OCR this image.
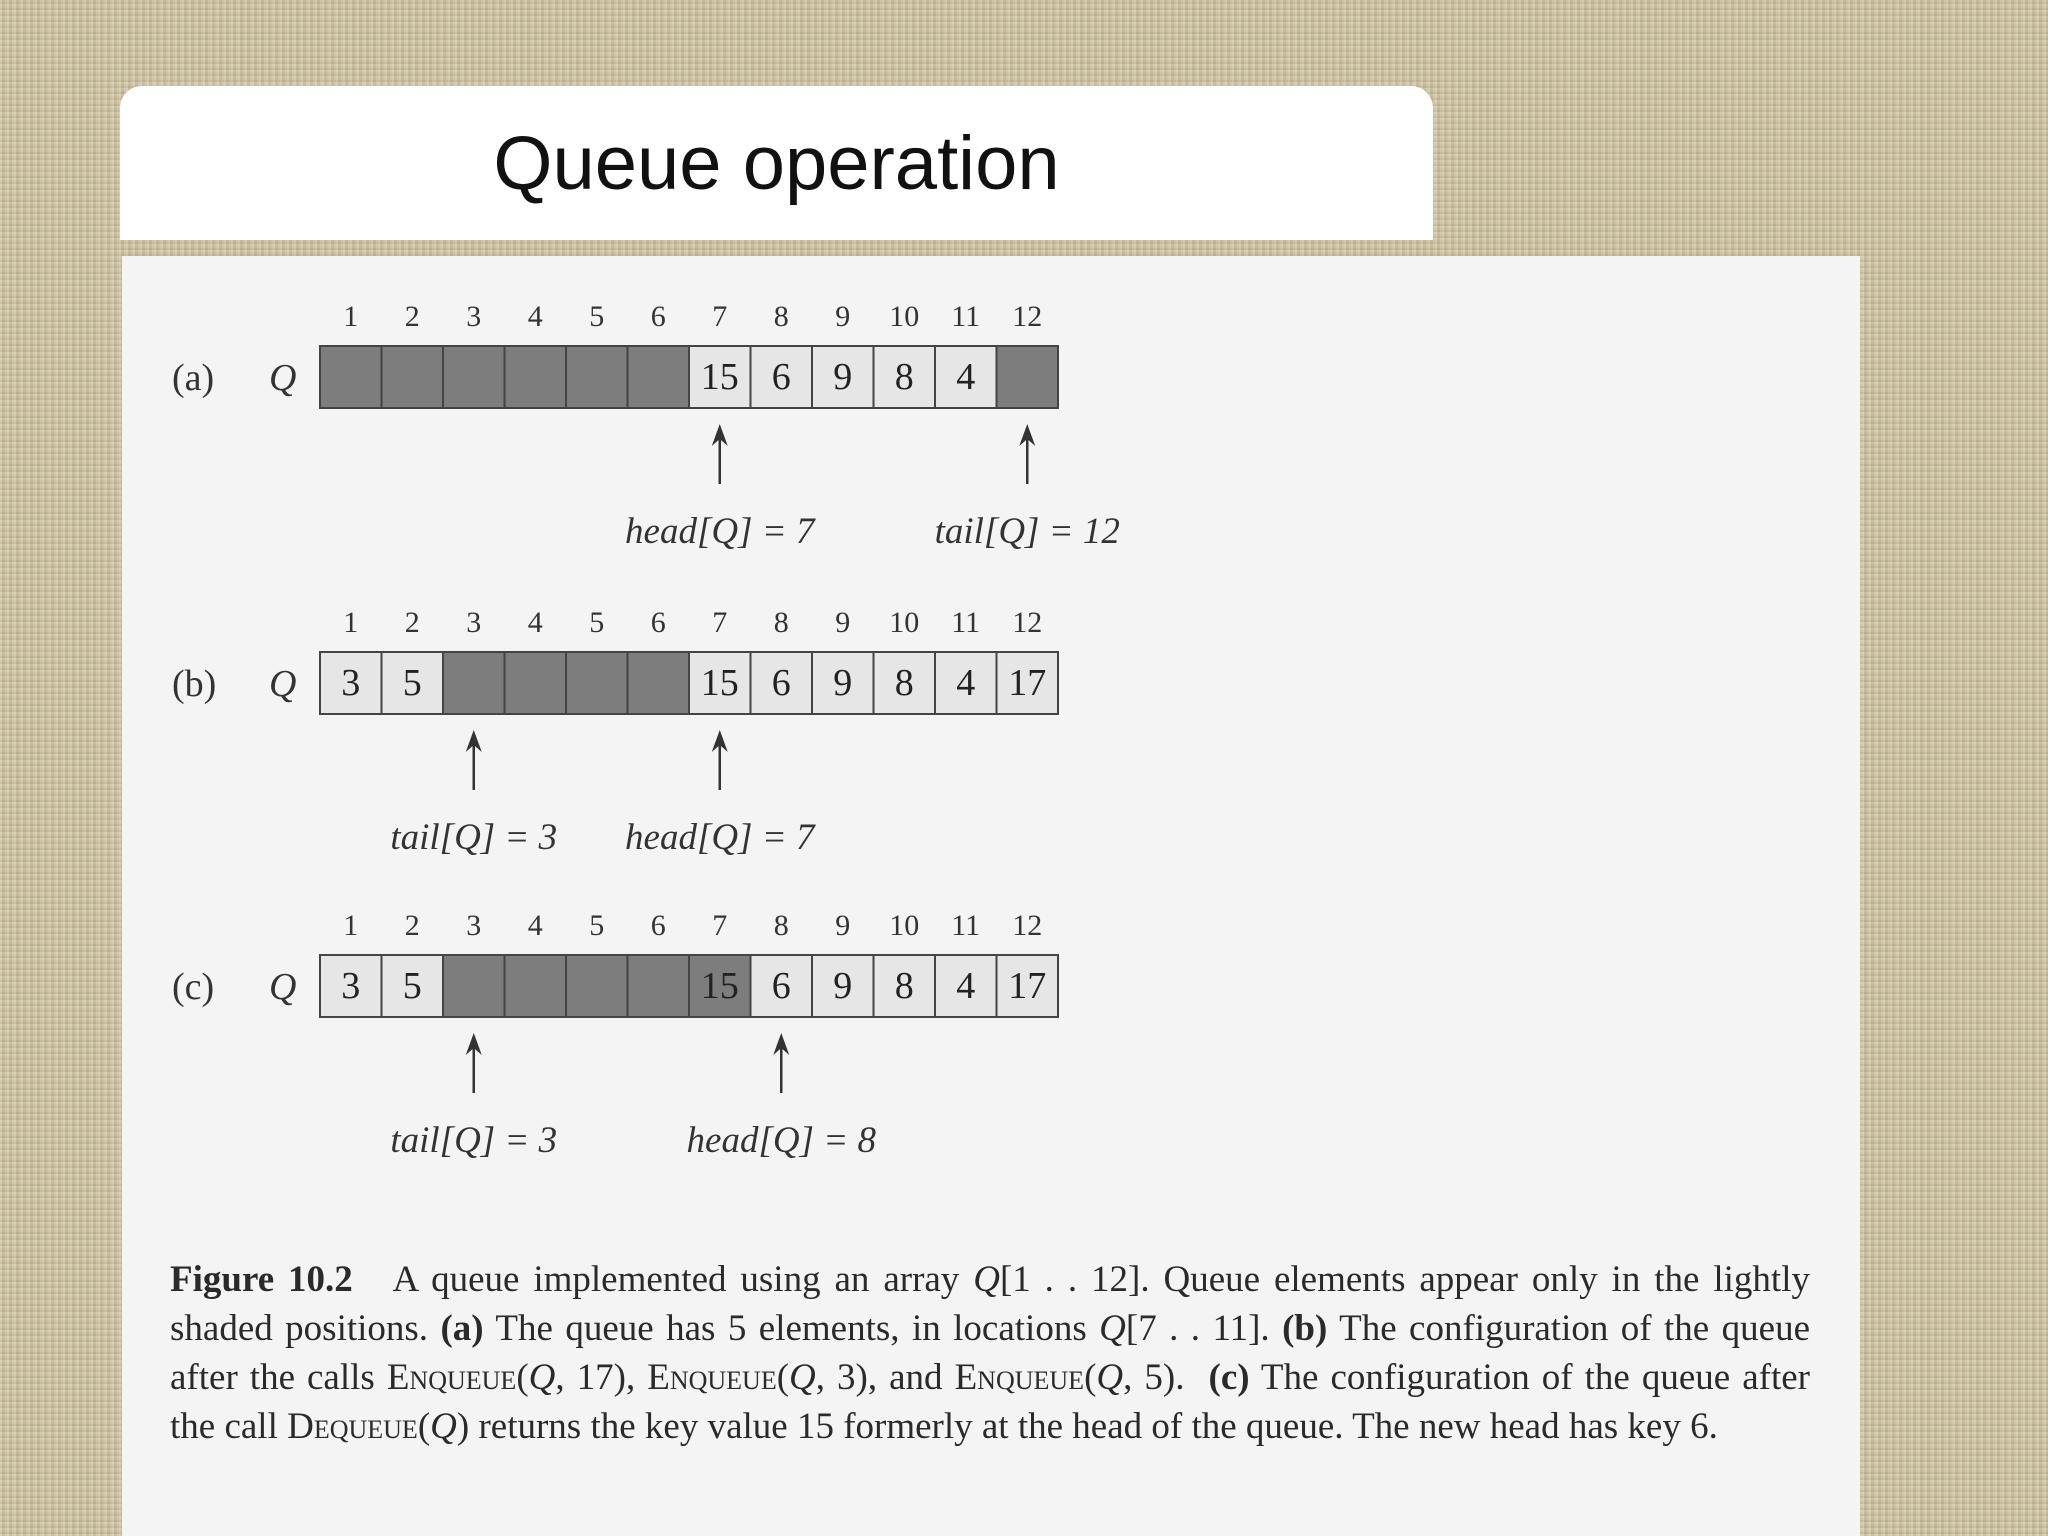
Queue operation
1 2 3 4 5 6 7 8 9 10 11 12
(a) Q	15 6 9 8 4
head[Q] = 7	tail[Q] = 12
1 2 3 4 5 6 7 8 9 10 11 12
(b) Q 3 5	15 6 9 8 4 17
tail[Q] = 3 head[Q] = 7
1 2 3 4 5 6 7 8 9 10 11 12
(c) Q 3 5	15 6 9 8 4 17
tail[Q] = 3	head[Q] = 8
Figure 10.2 A queue implemented using an array Q[1 . . 12]. Queue elements appear only in the lightly shaded positions. (a) The queue has 5 elements, in locations Q[7 . . 11]. (b) The configuration of the queue after the calls Enqueue(Q, 17), Enqueue(Q, 3), and Enqueue(Q, 5).  (c) The configuration of the queue after the call Dequeue(Q) returns the key value 15 formerly at the head of the queue. The new head has key 6.
